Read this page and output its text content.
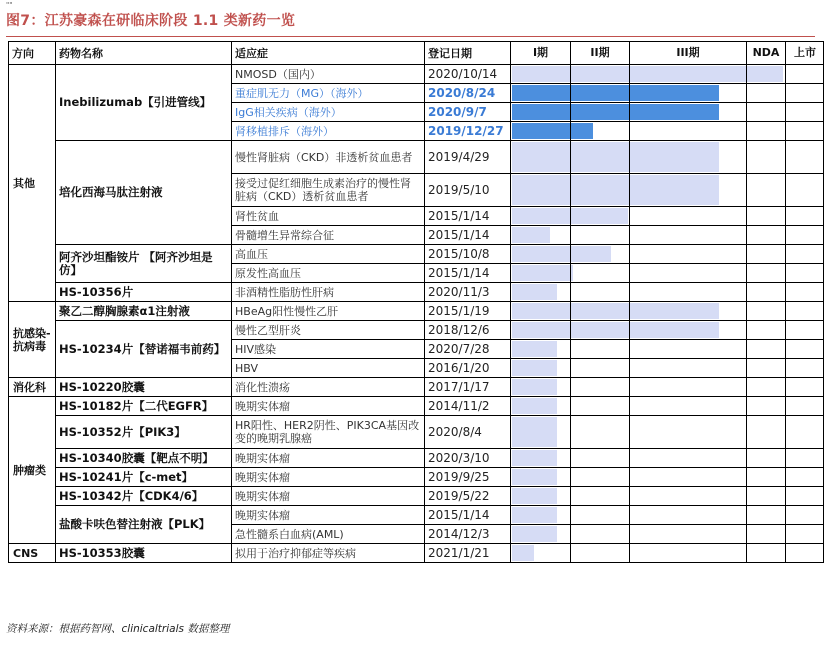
""
图7：江苏豪森在研临床阶段 1.1 类新药一览
方向	药物名称	适应症	登记日期	I期 II期 III期 NDA 上市

其他	Inebilizumab【引进管线】	NMOSD（国内）	2020/10/14	

		重症肌无力（MG）（海外）	2020/8/24	

		IgG相关疾病（海外）	2020/9/7	

		肾移植排斥（海外）	2019/12/27	

	培化西海马肽注射液	慢性肾脏病（CKD）非透析贫血患者	2019/4/29	

		接受过促红细胞生成素治疗的慢性肾脏病（CKD）透析贫血患者	2019/5/10	

		肾性贫血	2015/1/14	

		骨髓增生异常综合征	2015/1/14	

	阿齐沙坦酯铵片 【阿齐沙坦是仿】	高血压	2015/10/8	

		原发性高血压	2015/1/14	

	HS-10356片	非酒精性脂肪性肝病	2020/11/3	

抗感染-抗病毒	聚乙二醇胸腺素α1注射液	HBeAg阳性慢性乙肝	2015/1/19	

	HS-10234片【替诺福韦前药】	慢性乙型肝炎	2018/12/6	

		HIV感染	2020/7/28	

		HBV	2016/1/20	

消化科	HS-10220胶囊	消化性溃疡	2017/1/17	

肿瘤类	HS-10182片【二代EGFR】	晚期实体瘤	2014/11/2	

	HS-10352片【PIK3】	HR阳性、HER2阴性、PIK3CA基因改变的晚期乳腺癌	2020/8/4	

	HS-10340胶囊【靶点不明】	晚期实体瘤	2020/3/10	

	HS-10241片【c-met】	晚期实体瘤	2019/9/25	

	HS-10342片【CDK4/6】	晚期实体瘤	2019/5/22	

	盐酸卡呋色替注射液【PLK】	晚期实体瘤	2015/1/14	

		急性髓系白血病(AML)	2014/12/3	

CNS	HS-10353胶囊	拟用于治疗抑郁症等疾病	2021/1/21	
资料来源：根据药智网、clinicaltrials 数据整理
